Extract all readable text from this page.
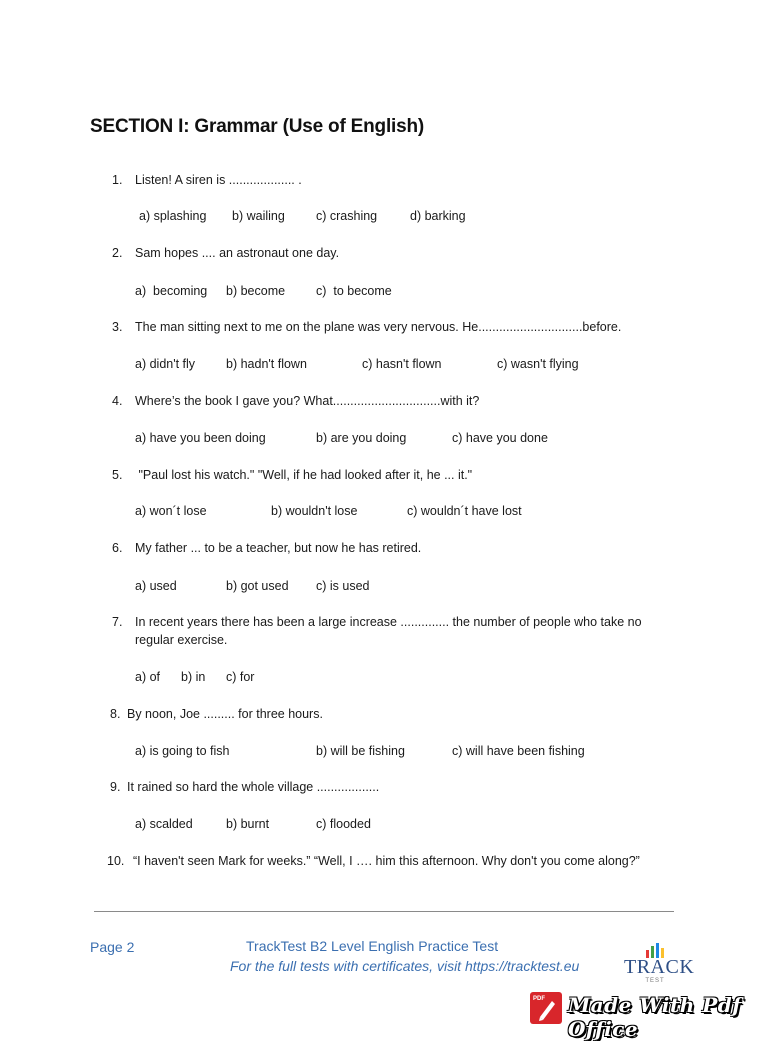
SECTION I: Grammar (Use of English)
1. Listen! A siren is ................... .
a) splashing b) wailing c) crashing	d) barking
2. Sam hopes .... an astronaut one day.
a)  becoming b) become c)  to become
3. The man sitting next to me on the plane was very nervous. He..............................before.
a) didn't fly b) hadn't flown	c) hasn't flown	c) wasn't flying
4. Where’s the book I gave you? What...............................with it?
a) have you been doing	b) are you doing	c) have you done
5. "Paul lost his watch." "Well, if he had looked after it, he ... it."
a) won´t lose	b) wouldn't lose	c) wouldn´t have lost
6. My father ... to be a teacher, but now he has retired.
a) used	b) got used c) is used
7. In recent years there has been a large increase .............. the number of people who take no
regular exercise.
a) of b) in c) for
8. By noon, Joe ......... for three hours.
a) is going to fish	b) will be fishing	c) will have been fishing
9. It rained so hard the whole village ..................
a) scalded	b) burnt	c) flooded
10. “I haven't seen Mark for weeks.” “Well, I …. him this afternoon. Why don't you come along?”
Page 2	TrackTest B2 Level English Practice Test
For the full tests with certificates, visit https://tracktest.eu TRACK
TEST
PDF Made With Pdf Office
